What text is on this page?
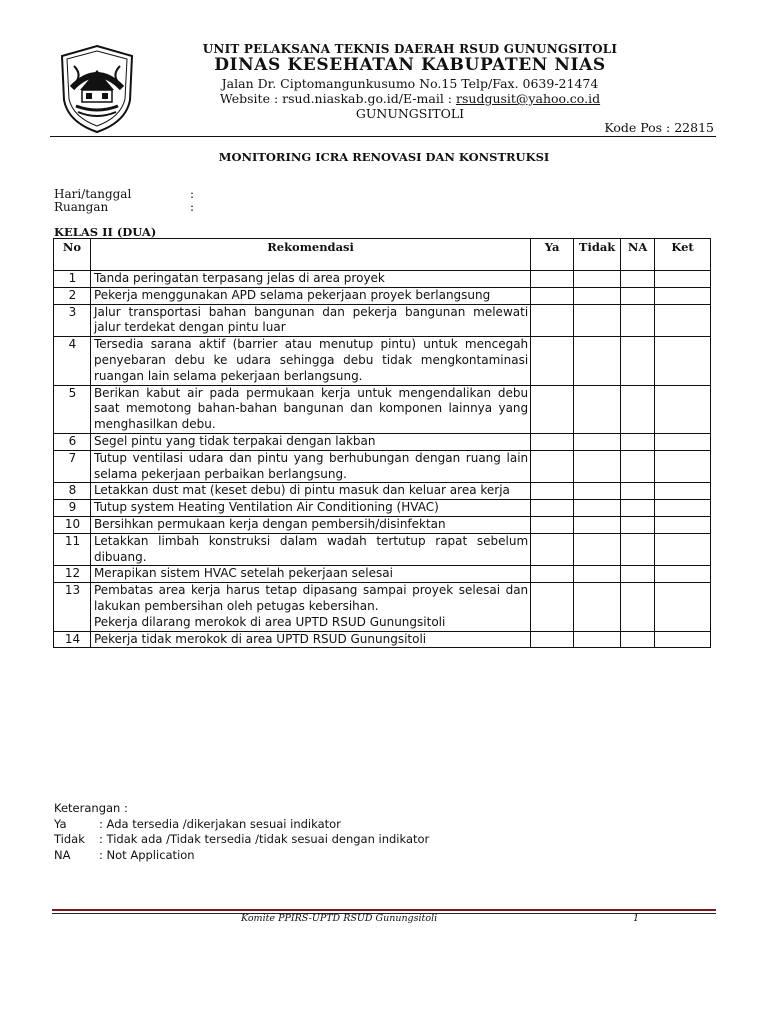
UNIT PELAKSANA TEKNIS DAERAH RSUD GUNUNGSITOLI
DINAS KESEHATAN KABUPATEN NIAS
Jalan Dr. Ciptomangunkusumo No.15 Telp/Fax. 0639-21474
Website : rsud.niaskab.go.id/E-mail : rsudgusit@yahoo.co.id
GUNUNGSITOLI
Kode Pos : 22815
MONITORING ICRA RENOVASI DAN KONSTRUKSI
Hari/tanggal	:
Ruangan	:
KELAS II (DUA)
No	Rekomendasi	Ya	Tidak	NA	Ket
1	Tanda peringatan terpasang jelas di area proyek				

2	Pekerja menggunakan APD selama pekerjaan proyek berlangsung				

3	Jalur transportasi bahan bangunan dan pekerja bangunan melewati jalur terdekat dengan pintu luar				

4	Tersedia sarana aktif (barrier atau menutup pintu) untuk mencegah penyebaran debu ke udara sehingga debu tidak mengkontaminasi ruangan lain selama pekerjaan berlangsung.				

5	Berikan kabut air pada permukaan kerja untuk mengendalikan debu saat memotong bahan-bahan bangunan dan komponen lainnya yang menghasilkan debu.				

6	Segel pintu yang tidak terpakai dengan lakban				

7	Tutup ventilasi udara dan pintu yang berhubungan dengan ruang lain selama pekerjaan perbaikan berlangsung.				

8	Letakkan dust mat (keset debu) di pintu masuk dan keluar area kerja				

9	Tutup system Heating Ventilation Air Conditioning (HVAC)				

10	Bersihkan permukaan kerja dengan pembersih/disinfektan				

11	Letakkan limbah konstruksi dalam wadah tertutup rapat sebelum dibuang.				

12	Merapikan sistem HVAC setelah pekerjaan selesai				

13	Pembatas area kerja harus tetap dipasang sampai proyek selesai dan lakukan pembersihan oleh petugas kebersihan.
Pekerja dilarang merokok di area UPTD RSUD Gunungsitoli				

14	Pekerja tidak merokok di area UPTD RSUD Gunungsitoli				

Keterangan :
Ya	: Ada tersedia /dikerjakan sesuai indikator
Tidak : Tidak ada /Tidak tersedia /tidak sesuai dengan indikator
NA : Not Application
Komite PPIRS-UPTD RSUD Gunungsitoli	1
